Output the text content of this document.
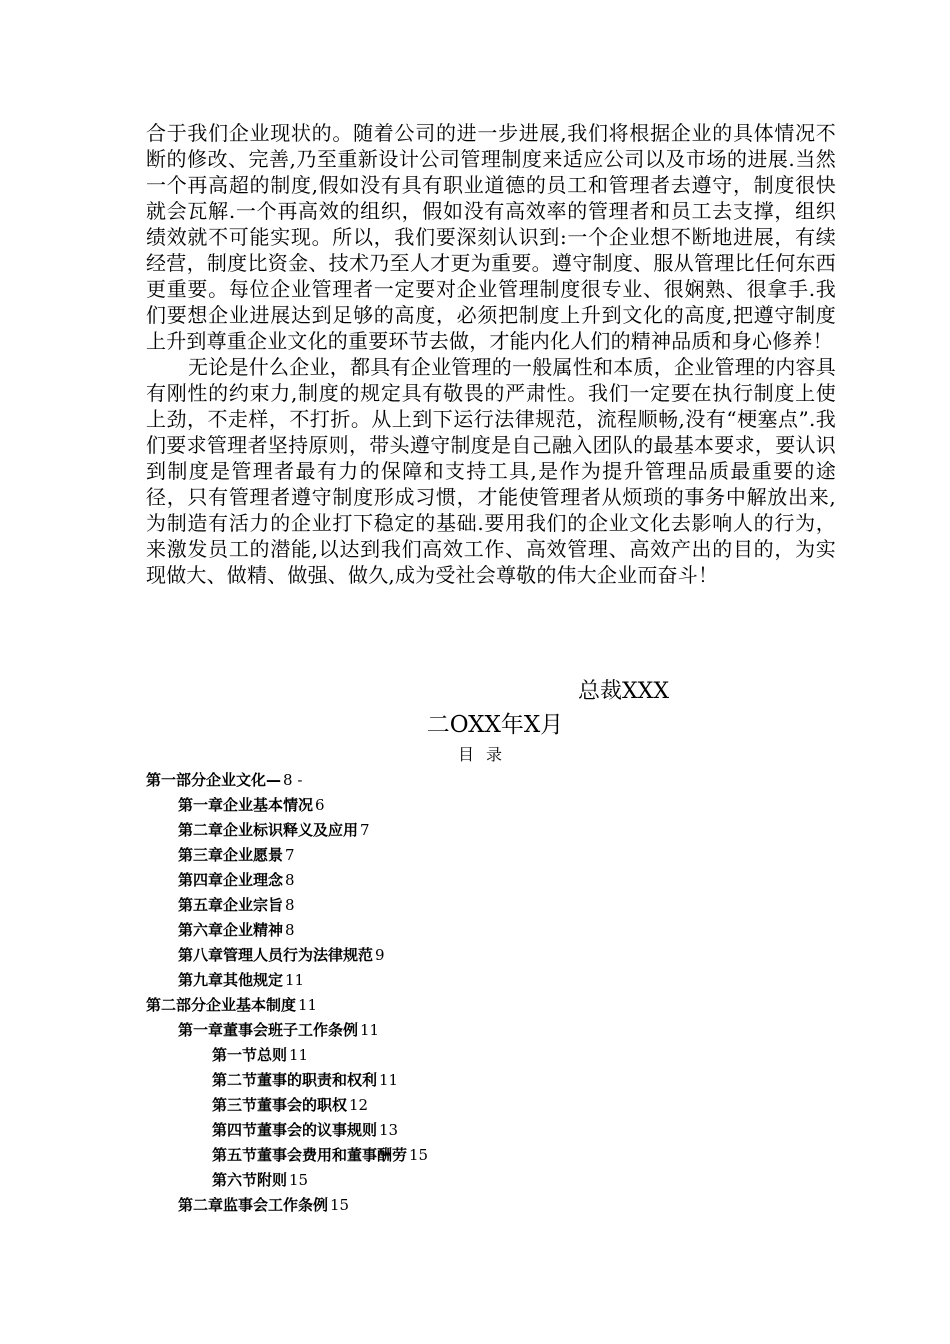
合于我们企业现状的。随着公司的进一步进展,我们将根据企业的具体情况不断的修改、完善,乃至重新设计公司管理制度来适应公司以及市场的进展.当然一个再高超的制度,假如没有具有职业道德的员工和管理者去遵守，制度很快就会瓦解.一个再高效的组织，假如没有高效率的管理者和员工去支撑，组织绩效就不可能实现。所以，我们要深刻认识到:一个企业想不断地进展，有续经营，制度比资金、技术乃至人才更为重要。遵守制度、服从管理比任何东西更重要。每位企业管理者一定要对企业管理制度很专业、很娴熟、很拿手.我们要想企业进展达到足够的高度，必须把制度上升到文化的高度,把遵守制度上升到尊重企业文化的重要环节去做，才能内化人们的精神品质和身心修养！

无论是什么企业，都具有企业管理的一般属性和本质，企业管理的内容具有刚性的约束力,制度的规定具有敬畏的严肃性。我们一定要在执行制度上使上劲，不走样，不打折。从上到下运行法律规范，流程顺畅,没有“梗塞点”.我们要求管理者坚持原则，带头遵守制度是自己融入团队的最基本要求，要认识到制度是管理者最有力的保障和支持工具,是作为提升管理品质最重要的途径，只有管理者遵守制度形成习惯，才能使管理者从烦琐的事务中解放出来,为制造有活力的企业打下稳定的基础.要用我们的企业文化去影响人的行为，来激发员工的潜能,以达到我们高效工作、高效管理、高效产出的目的，为实现做大、做精、做强、做久,成为受社会尊敬的伟大企业而奋斗！

总裁XXX
二OXX年X月
目录
第一部分企业文化— 8 -
第一章企业基本情况 6
第二章企业标识释义及应用 7
第三章企业愿景 7
第四章企业理念 8
第五章企业宗旨 8
第六章企业精神 8
第八章管理人员行为法律规范 9
第九章其他规定 11
第二部分企业基本制度 11
第一章董事会班子工作条例 11
第一节总则 11
第二节董事的职责和权利 11
第三节董事会的职权 12
第四节董事会的议事规则 13
第五节董事会费用和董事酬劳 15
第六节附则 15
第二章监事会工作条例 15
